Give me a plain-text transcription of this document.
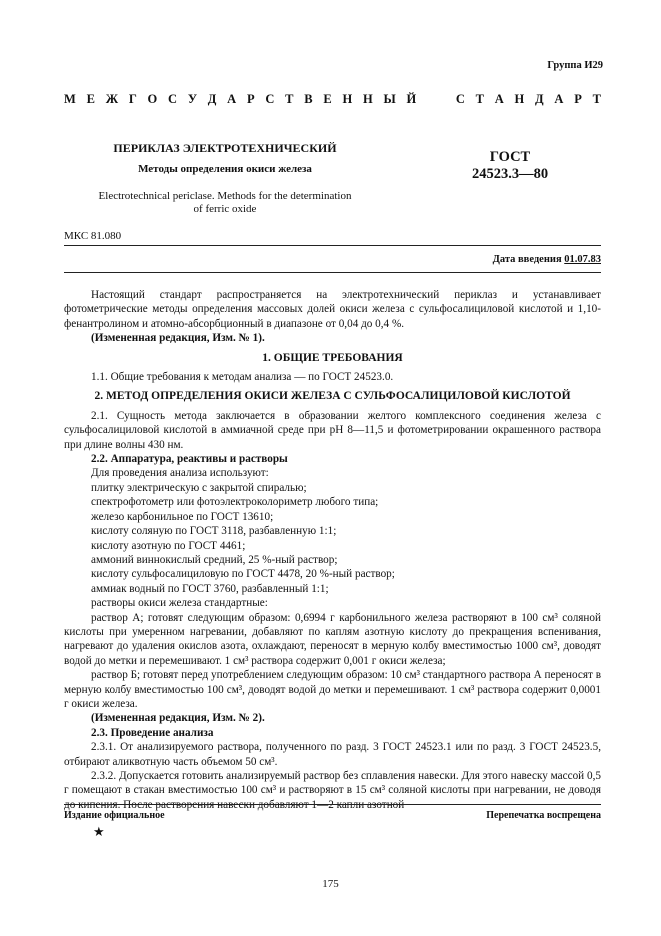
Группа И29
М Е Ж Г О С У Д А Р С Т В Е Н Н Ы Й	С Т А Н Д А Р Т
ПЕРИКЛАЗ ЭЛЕКТРОТЕХНИЧЕСКИЙ
Методы определения окиси железа
Electrotechnical periclase. Methods for the determination
of ferric oxide
ГОСТ
24523.3—80
МКС 81.080
Дата введения 01.07.83

Настоящий стандарт распространяется на электротехнический периклаз и устанавливает фотометрические методы определения массовых долей окиси железа с сульфосалициловой кислотой и 1,10-фенантролином и атомно-абсорбционный в диапазоне от 0,04 до 0,4 %.

(Измененная редакция, Изм. № 1).

1. ОБЩИЕ ТРЕБОВАНИЯ

1.1. Общие требования к методам анализа — по ГОСТ 24523.0.

2. МЕТОД ОПРЕДЕЛЕНИЯ ОКИСИ ЖЕЛЕЗА С СУЛЬФОСАЛИЦИЛОВОЙ КИСЛОТОЙ

2.1. Сущность метода заключается в образовании желтого комплексного соединения железа с сульфосалициловой кислотой в аммиачной среде при pH 8—11,5 и фотометрировании окрашенного раствора при длине волны 430 нм.

2.2. Аппаратура, реактивы и растворы

Для проведения анализа используют:

плитку электрическую с закрытой спиралью;

спектрофотометр или фотоэлектроколориметр любого типа;

железо карбонильное по ГОСТ 13610;

кислоту соляную по ГОСТ 3118, разбавленную 1:1;

кислоту азотную по ГОСТ 4461;

аммоний виннокислый средний, 25 %-ный раствор;

кислоту сульфосалициловую по ГОСТ 4478, 20 %-ный раствор;

аммиак водный по ГОСТ 3760, разбавленный 1:1;

растворы окиси железа стандартные:

раствор А; готовят следующим образом: 0,6994 г карбонильного железа растворяют в 100 см³ соляной кислоты при умеренном нагревании, добавляют по каплям азотную кислоту до прекращения вспенивания, нагревают до удаления окислов азота, охлаждают, переносят в мерную колбу вместимостью 1000 см³, доводят водой до метки и перемешивают. 1 см³ раствора содержит 0,001 г окиси железа;

раствор Б; готовят перед употреблением следующим образом: 10 см³ стандартного раствора А переносят в мерную колбу вместимостью 100 см³, доводят водой до метки и перемешивают. 1 см³ раствора содержит 0,0001 г окиси железа.

(Измененная редакция, Изм. № 2).

2.3. Проведение анализа

2.3.1. От анализируемого раствора, полученного по разд. 3 ГОСТ 24523.1 или по разд. 3 ГОСТ 24523.5, отбирают аликвотную часть объемом 50 см³.

2.3.2. Допускается готовить анализируемый раствор без сплавления навески. Для этого навеску массой 0,5 г помещают в стакан вместимостью 100 см³ и растворяют в 15 см³ соляной кислоты при нагревании, не доводя до кипения. После растворения навески добавляют 1—2 капли азотной

Издание официальное	Перепечатка воспрещена
★
175
